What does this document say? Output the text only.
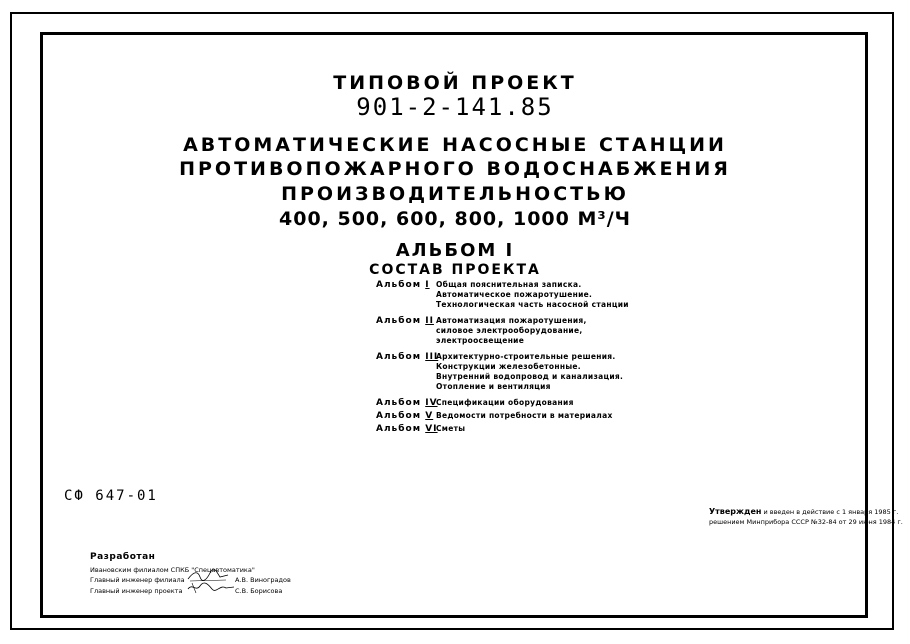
ТИПОВОЙ ПРОЕКТ
901-2-141.85
АВТОМАТИЧЕСКИЕ НАСОСНЫЕ СТАНЦИИ
ПРОТИВОПОЖАРНОГО ВОДОСНАБЖЕНИЯ
ПРОИЗВОДИТЕЛЬНОСТЬЮ
400, 500, 600, 800, 1000 М³/Ч
АЛЬБОМ I
СОСТАВ ПРОЕКТА
Альбом I Общая пояснительная записка.
Автоматическое пожаротушение.
Технологическая часть насосной станции
Альбом II Автоматизация пожаротушения,
силовое электрооборудование,
электроосвещение
Альбом III
Архитектурно-строительные решения.
Конструкции железобетонные.
Внутренний водопровод и канализация.
Отопление и вентиляция
Альбом IV
Спецификации оборудования
Альбом V Ведомости потребности в материалах
Альбом VI
Сметы
СФ 647-01
Утвержден и введен в действие с 1 января 1985 г.
решением Минприбора СССР №32-84 от 29 июня 1984 г.
Разработан
Ивановским филиалом СПКБ "Спецавтоматика"
Главный инженер филиала	А.В. Виноградов
Главный инженер проекта	С.В. Борисова
